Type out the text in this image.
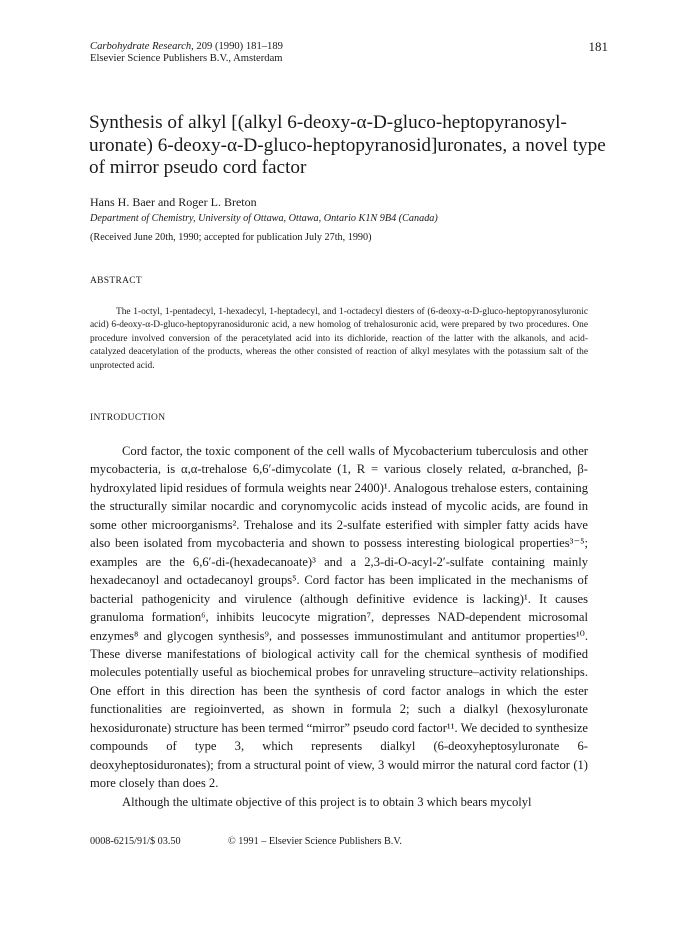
Carbohydrate Research, 209 (1990) 181–189
Elsevier Science Publishers B.V., Amsterdam
181
Synthesis of alkyl [(alkyl 6-deoxy-α-D-gluco-heptopyranosyl-uronate) 6-deoxy-α-D-gluco-heptopyranosid]uronates, a novel type of mirror pseudo cord factor
Hans H. Baer and Roger L. Breton
Department of Chemistry, University of Ottawa, Ottawa, Ontario K1N 9B4 (Canada)
(Received June 20th, 1990; accepted for publication July 27th, 1990)
ABSTRACT

The 1-octyl, 1-pentadecyl, 1-hexadecyl, 1-heptadecyl, and 1-octadecyl diesters of (6-deoxy-α-D-gluco-heptopyranosyluronic acid) 6-deoxy-α-D-gluco-heptopyranosiduronic acid, a new homolog of trehalosuronic acid, were prepared by two procedures. One procedure involved conversion of the peracetylated acid into its dichloride, reaction of the latter with the alkanols, and acid-catalyzed deacetylation of the products, whereas the other consisted of reaction of alkyl mesylates with the potassium salt of the unprotected acid.

INTRODUCTION
Cord factor, the toxic component of the cell walls of Mycobacterium tuberculosis and other mycobacteria, is α,α-trehalose 6,6′-dimycolate (1, R = various closely related, α-branched, β-hydroxylated lipid residues of formula weights near 2400)¹. Analogous trehalose esters, containing the structurally similar nocardic and corynomycolic acids instead of mycolic acids, are found in some other microorganisms². Trehalose and its 2-sulfate esterified with simpler fatty acids have also been isolated from mycobacteria and shown to possess interesting biological properties³⁻⁵; examples are the 6,6′-di-(hexadecanoate)³ and a 2,3-di-O-acyl-2′-sulfate containing mainly hexadecanoyl and octadecanoyl groups⁵. Cord factor has been implicated in the mechanisms of bacterial pathogenicity and virulence (although definitive evidence is lacking)¹. It causes granuloma formation⁶, inhibits leucocyte migration⁷, depresses NAD-dependent microsomal enzymes⁸ and glycogen synthesis⁹, and possesses immunostimulant and antitumor properties¹⁰. These diverse manifestations of biological activity call for the chemical synthesis of modified molecules potentially useful as biochemical probes for unraveling structure–activity relationships. One effort in this direction has been the synthesis of cord factor analogs in which the ester functionalities are regioinverted, as shown in formula 2; such a dialkyl (hexosyluronate hexosiduronate) structure has been termed “mirror” pseudo cord factor¹¹. We decided to synthesize compounds of type 3, which represents dialkyl (6-deoxyheptosyluronate 6-deoxyheptosiduronates); from a structural point of view, 3 would mirror the natural cord factor (1) more closely than does 2.
Although the ultimate objective of this project is to obtain 3 which bears mycolyl
0008-6215/91/$ 03.50	© 1991 – Elsevier Science Publishers B.V.
